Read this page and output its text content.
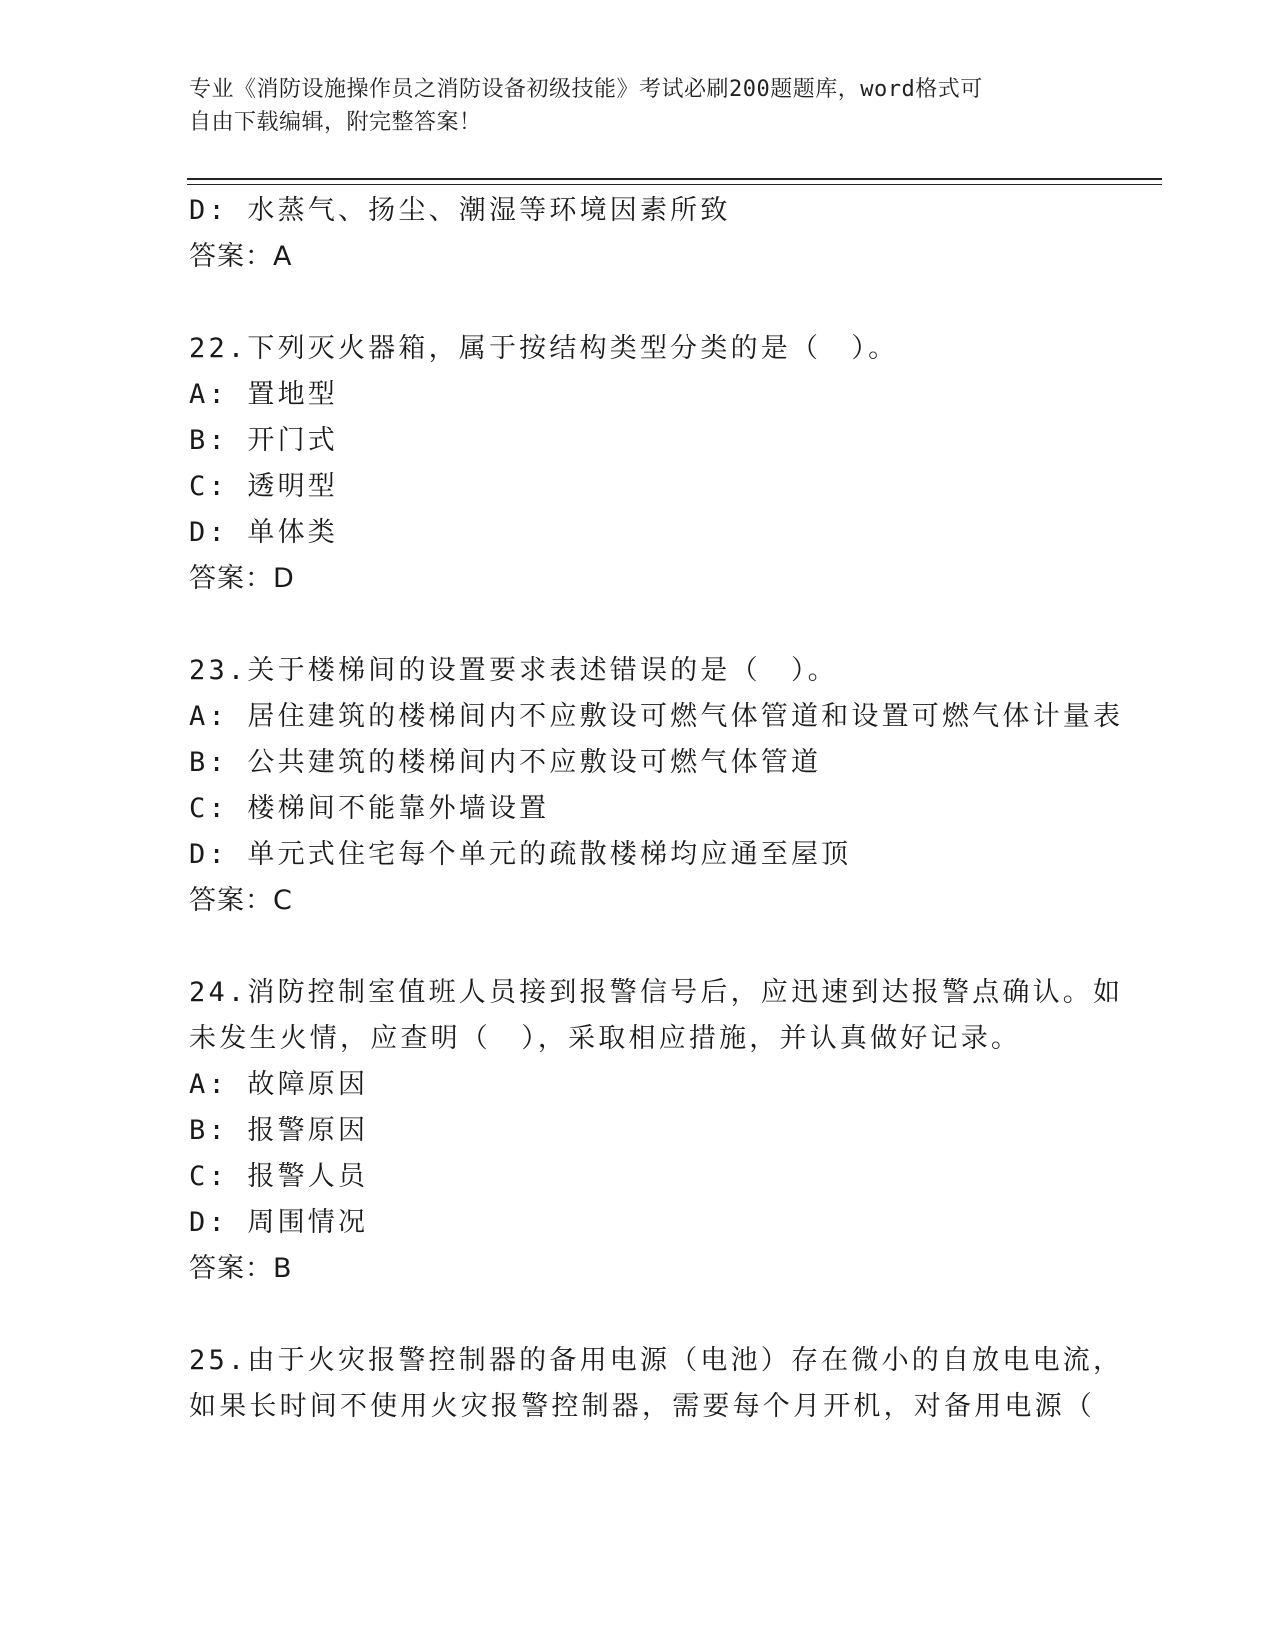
专业《消防设施操作员之消防设备初级技能》考试必刷200题题库，word格式可
自由下载编辑，附完整答案！
D: 水蒸气、扬尘、潮湿等环境因素所致
答案：A
22.下列灭火器箱，属于按结构类型分类的是（　）。
A: 置地型
B: 开门式
C: 透明型
D: 单体类
答案：D
23.关于楼梯间的设置要求表述错误的是（　）。
A: 居住建筑的楼梯间内不应敷设可燃气体管道和设置可燃气体计量表
B: 公共建筑的楼梯间内不应敷设可燃气体管道
C: 楼梯间不能靠外墙设置
D: 单元式住宅每个单元的疏散楼梯均应通至屋顶
答案：C
24.消防控制室值班人员接到报警信号后，应迅速到达报警点确认。如
未发生火情，应查明（　），采取相应措施，并认真做好记录。
A: 故障原因
B: 报警原因
C: 报警人员
D: 周围情况
答案：B
25.由于火灾报警控制器的备用电源（电池）存在微小的自放电电流，
如果长时间不使用火灾报警控制器，需要每个月开机，对备用电源（
